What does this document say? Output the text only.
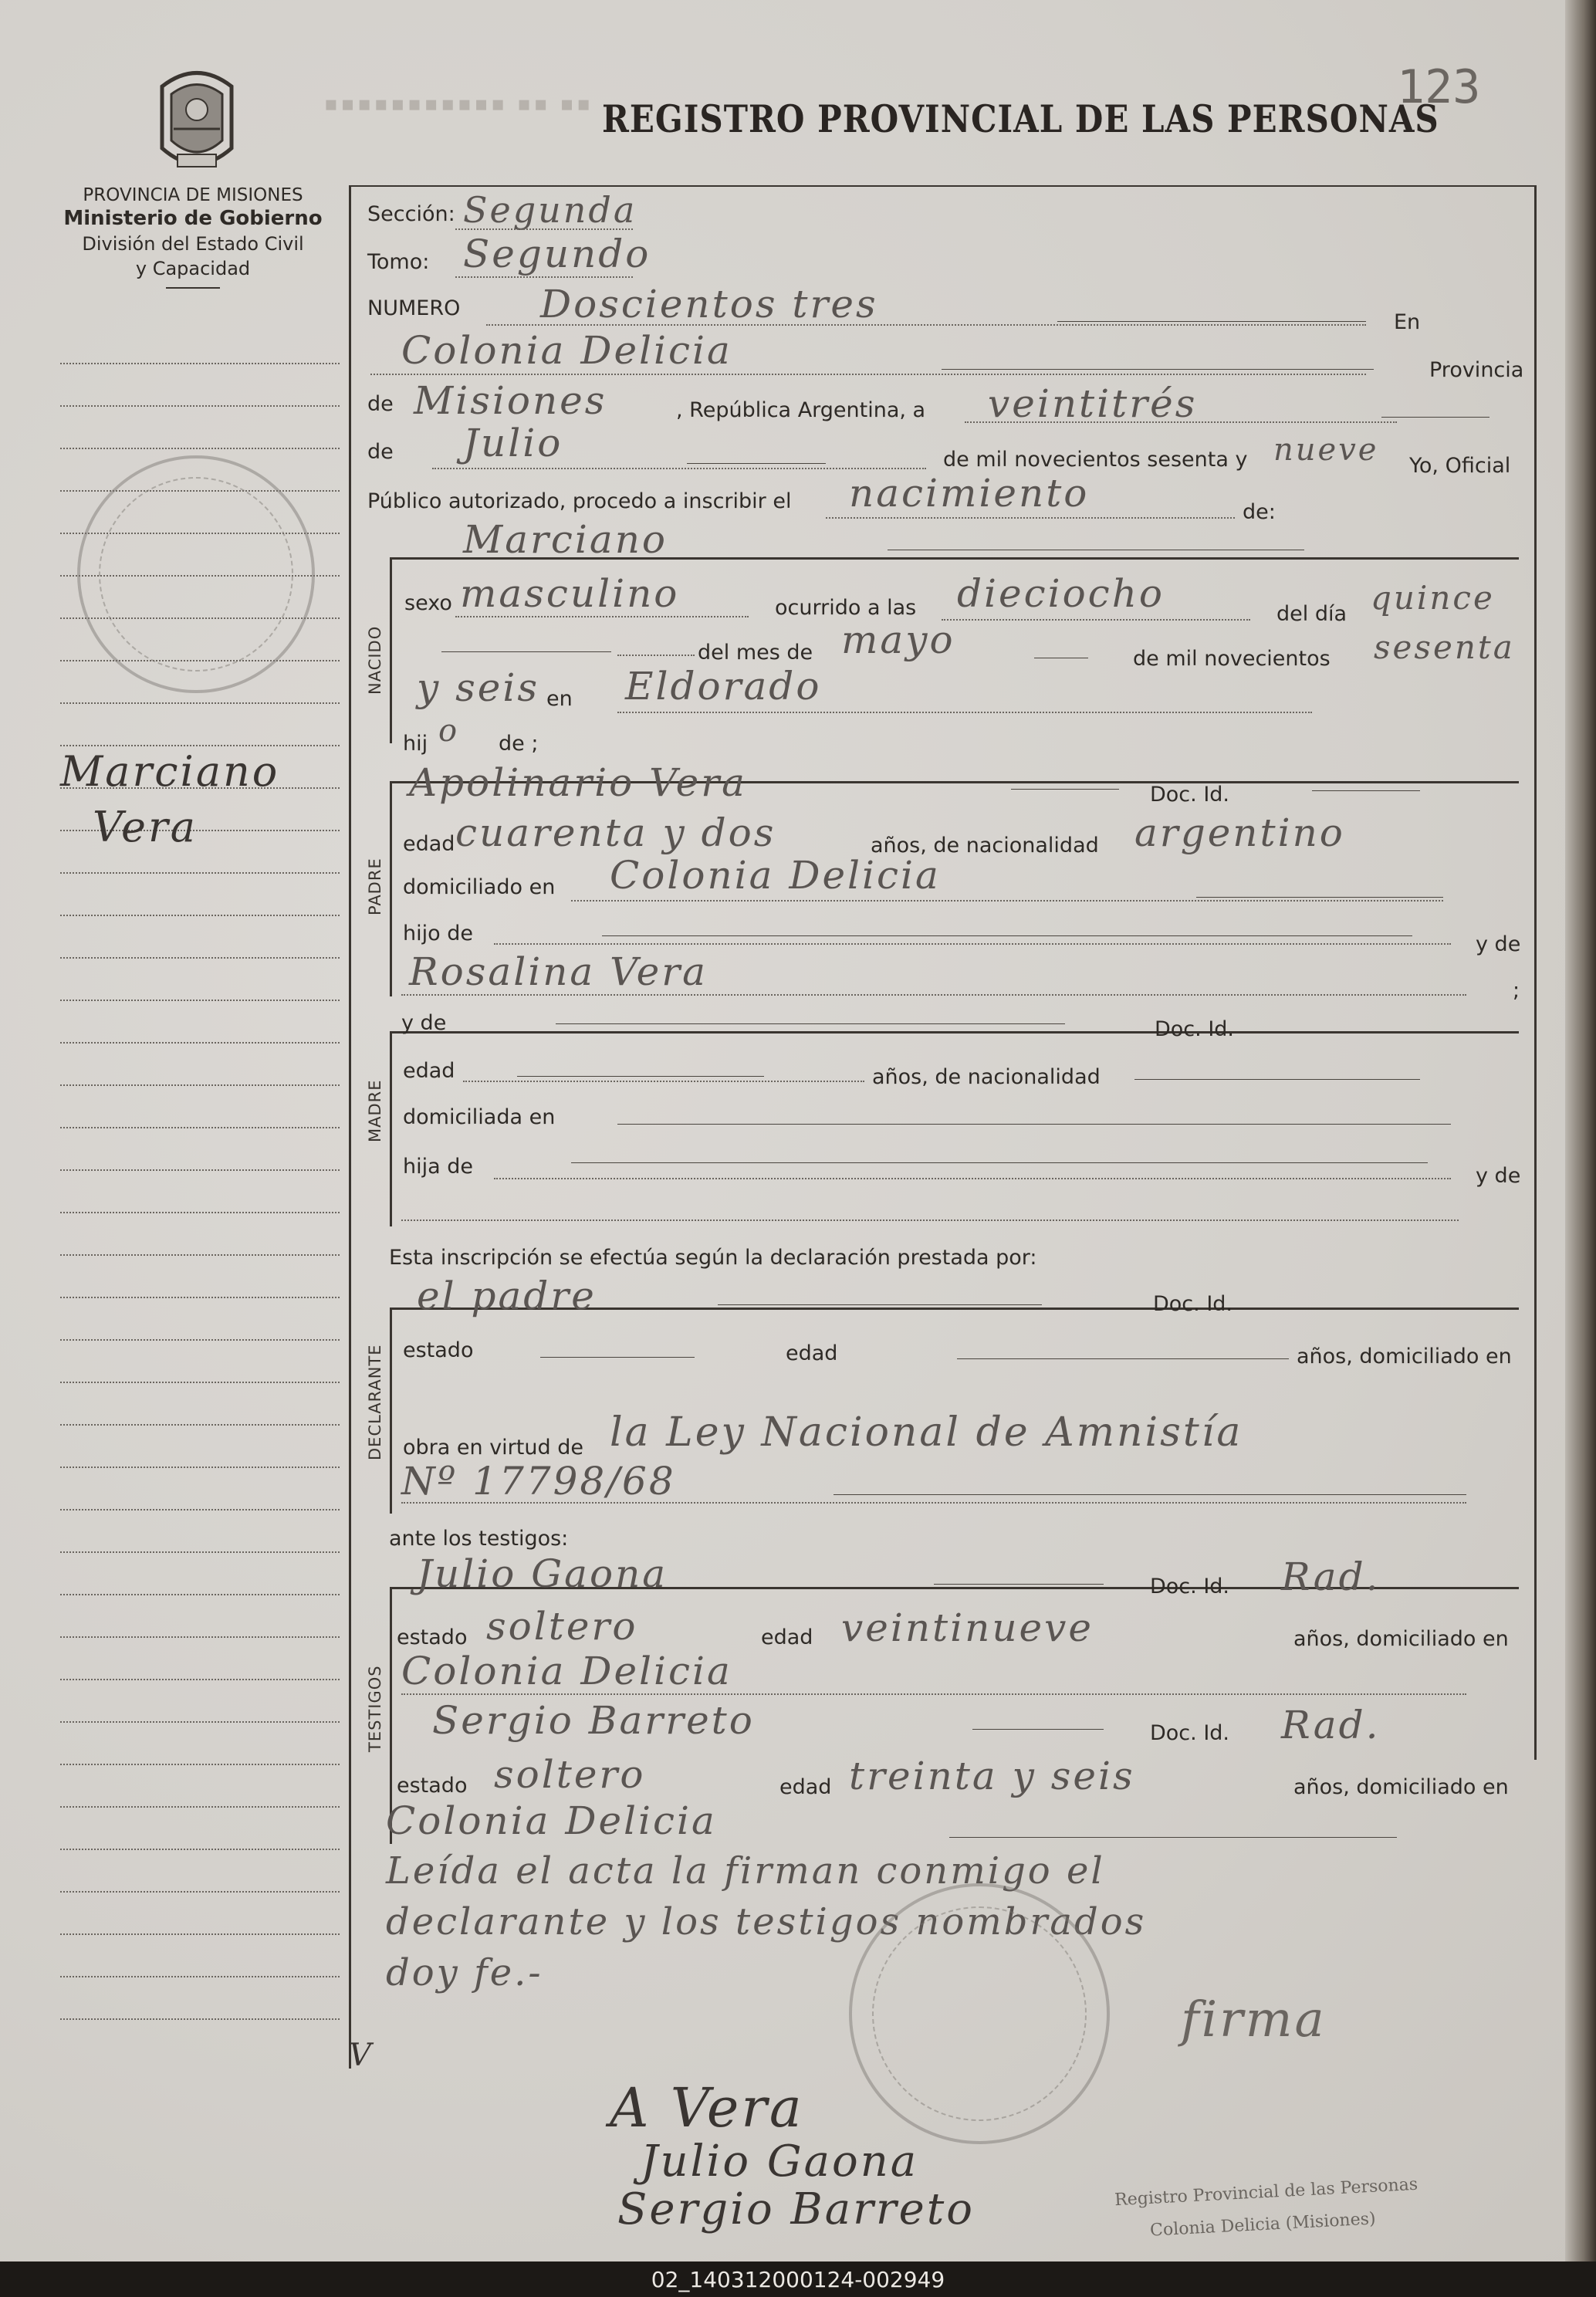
PROVINCIA DE MISIONES
Ministerio de Gobierno
División del Estado Civil
y Capacidad
▪▪▪▪▪▪▪▪▪▪▪ ▪▪ ▪▪ REGISTRO PROVINCIAL DE LAS PERSONAS
123
Marciano
Vera
Sección: Segunda
Tomo: Segundo
NUMERO Doscientos tres	En
Colonia Delicia	Provincia
de Misiones	, República Argentina, a veintitrés
de Julio	de mil novecientos sesenta y nueve Yo, Oficial
Público autorizado, procedo a inscribir el nacimiento	de:
NACIDO
Marciano
sexo masculino	ocurrido a las dieciocho	del día quince
del mes de mayo	de mil novecientos sesenta
y seis en Eldorado
hij o de ;
PADRE
Apolinario Vera	Doc. Id.
edad cuarenta y dos	años, de nacionalidad argentino
domiciliado en Colonia Delicia
hijo de	y de
Rosalina Vera	;
MADRE
y de	Doc. Id.
edad	años, de nacionalidad
domiciliada en
hija de	y de
Esta inscripción se efectúa según la declaración prestada por:
DECLARANTE
el padre	Doc. Id.
estado	edad	años, domiciliado en
obra en virtud de la Ley Nacional de Amnistía
Nº 17798/68
ante los testigos:
TESTIGOS
Julio Gaona	Doc. Id. Rad.
estado soltero	edad veintinueve	años, domiciliado en
Colonia Delicia
Sergio Barreto	Doc. Id. Rad.
estado soltero	edad treinta y seis	años, domiciliado en
Colonia Delicia
Leída el acta la firman conmigo el
declarante y los testigos nombrados
doy fe.-
V
A Vera
Julio Gaona
Sergio Barreto
firma
Registro Provincial de las Personas
Colonia Delicia (Misiones)
02_140312000124-002949
